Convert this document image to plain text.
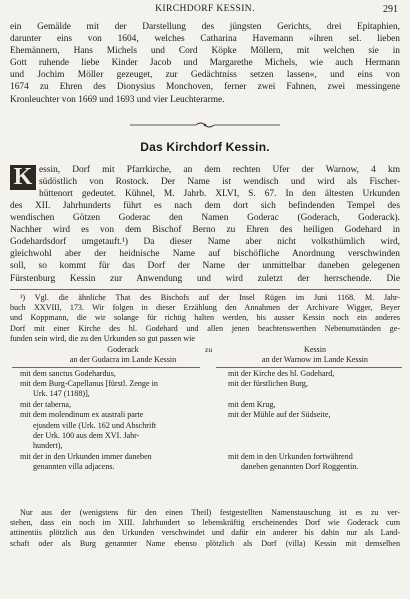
KIRCHDORF KESSIN.	291
ein Gemälde mit der Darstellung des jüngsten Gerichts, drei Epitaphien,
darunter eins von 1604, welches Catharina Havemann »ihren sel. lieben
Ehemännern, Hans Michels und Cord Köpke Möllern, mit welchen sie in
Gott ruhende liebe Kinder Jacob und Margarethe Michels, wie auch Hermann
und Jochim Möller gezeuget, zur Gedächtniss setzen lassen«, und eins von
1674 zu Ehren des Dionysius Monchoven, ferner zwei Fahnen, zwei messingene
Kronleuchter von 1669 und 1693 und vier Leuchterarme.
Das Kirchdorf Kessin.
K essin, Dorf mit Pfarrkirche, an dem rechten Ufer der Warnow, 4 km
südöstlich von Rostock. Der Name ist wendisch und wird als Fischer-
hüttenort gedeutet. Kühnel, M. Jahrb. XLVI, S. 67. In den ältesten Urkunden
des XII. Jahrhunderts führt es nach dem dort sich befindenden Tempel des
wendischen Götzen Goderac den Namen Goderac (Goderach, Goderack).
Nachher wird es von dem Bischof Berno zu Ehren des heiligen Godehard in
Godehardsdorf umgetauft.¹) Da dieser Name aber nicht volksthümlich wird,
gleichwohl aber der heidnische Name auf bischöfliche Anordnung verschwinden
soll, so kommt für das Dorf der Name der unmittelbar daneben gelegenen
Fürstenburg Kessin zur Anwendung und wird zuletzt der herrschende. Die
¹) Vgl. die ähnliche That des Bischofs auf der Insel Rügen im Juni 1168. M. Jahr-
buch XXVIII, 173. Wir folgen in dieser Erzählung den Annahmen der Archivare Wigger, Beyer
und Koppmann, die wir solange für richtig halten werden, bis ausser Kessin noch ein anderes
Dorf mit einer Kirche des hl. Godehard und allen jenen beachtenswerthen Nebenumständen ge-
funden sein wird, die zu den Urkunden so gut passen wie
Goderack
an der Gudacra im Lande Kessin
zu	Kessin
an der Warnow im Lande Kessin
mit dem sanctus Godehardus,
mit dem Burg-Capellanus [fürstl. Zenge in
Urk. 147 (1188)],
mit der taberna,
mit dem molendinum ex australi parte
ejusdem ville (Urk. 162 und Abschrift
der Urk. 100 aus dem XVI. Jahr-
hundert),
mit der in den Urkunden immer daneben
genannten villa adjacens.
mit der Kirche des hl. Godehard,
mit der fürstlichen Burg,

mit dem Krug,
mit der Mühle auf der Südseite,

mit dem in den Urkunden fortwährend
daneben genannten Dorf Roggentin.
Nur aus der (wenigstens für den einen Theil) festgestellten Namenstauschung ist es zu ver-
stehen, dass ein noch im XIII. Jahrhundert so lebenskräftig erscheinendes Dorf wie Goderack cum
attinentiis plötzlich aus den Urkunden verschwindet und dafür ein anderer bis dahin nur als Land-
schaft oder als Burg genannter Name ebenso plötzlich als Dorf (villa) Kessin mit demselben
